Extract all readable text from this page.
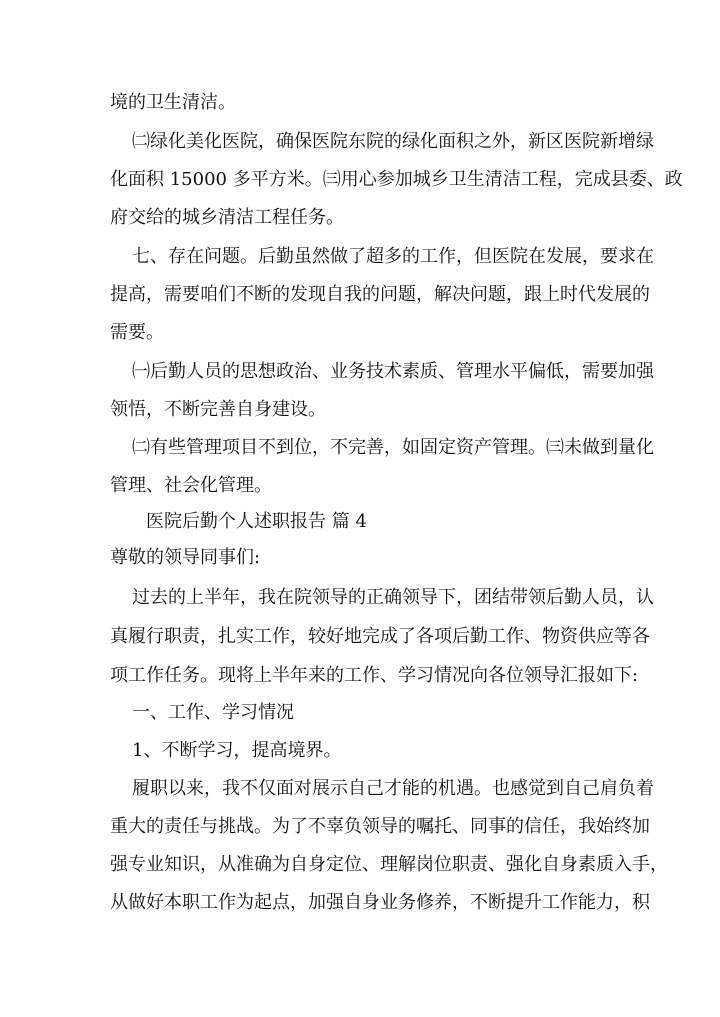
境的卫生清洁。
㈡绿化美化医院，确保医院东院的绿化面积之外，新区医院新增绿
化面积 15000 多平方米。㈢用心参加城乡卫生清洁工程，完成县委、政
府交给的城乡清洁工程任务。
七、存在问题。后勤虽然做了超多的工作，但医院在发展，要求在
提高，需要咱们不断的发现自我的问题，解决问题，跟上时代发展的
需要。
㈠后勤人员的思想政治、业务技术素质、管理水平偏低，需要加强
领悟，不断完善自身建设。
㈡有些管理项目不到位，不完善，如固定资产管理。㈢未做到量化
管理、社会化管理。
医院后勤个人述职报告 篇 4
尊敬的领导同事们:
过去的上半年，我在院领导的正确领导下，团结带领后勤人员，认
真履行职责，扎实工作，较好地完成了各项后勤工作、物资供应等各
项工作任务。现将上半年来的工作、学习情况向各位领导汇报如下:
一、工作、学习情况
1、不断学习，提高境界。
履职以来，我不仅面对展示自己才能的机遇。也感觉到自己肩负着
重大的责任与挑战。为了不辜负领导的嘱托、同事的信任，我始终加
强专业知识，从准确为自身定位、理解岗位职责、强化自身素质入手，
从做好本职工作为起点，加强自身业务修养，不断提升工作能力，积
